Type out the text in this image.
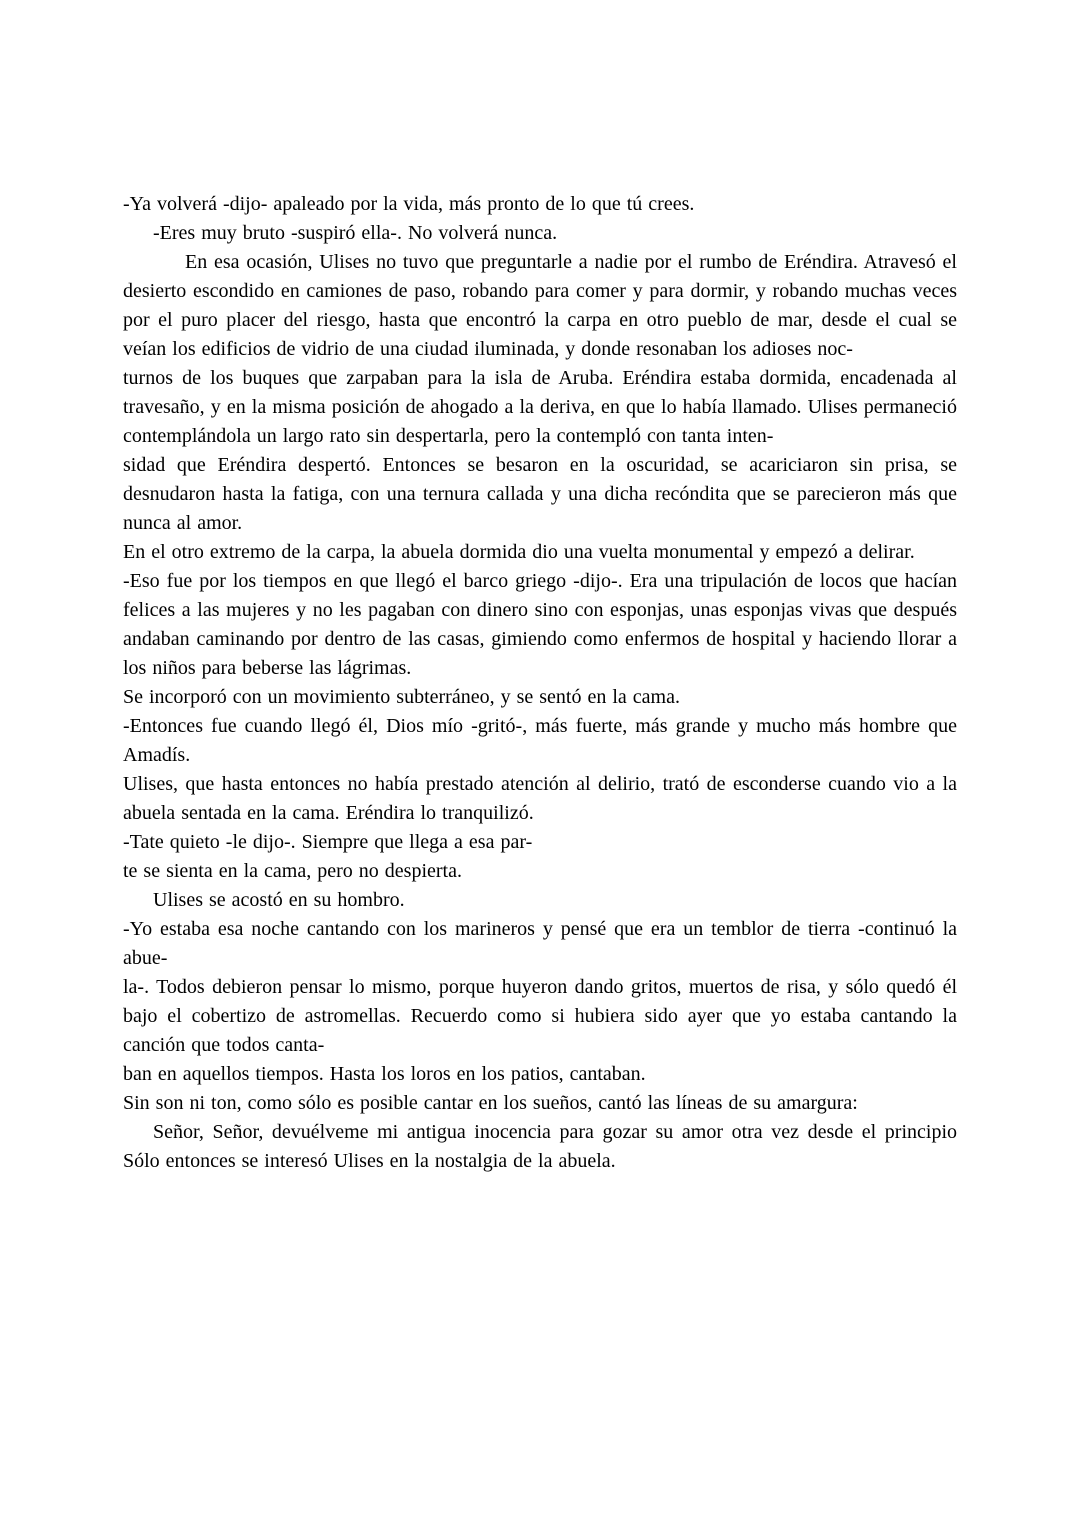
-Ya volverá -dijo- apaleado por la vida, más pronto de lo que tú crees.

-Eres muy bruto -suspiró ella-. No volverá nunca.

En esa ocasión, Ulises no tuvo que preguntarle a nadie por el rumbo de Eréndira. Atravesó el desierto escondido en camiones de paso, robando para comer y para dormir, y robando muchas veces por el puro placer del riesgo, hasta que encontró la carpa en otro pueblo de mar, desde el cual se veían los edificios de vidrio de una ciudad iluminada, y donde resonaban los adioses noc-

turnos de los buques que zarpaban para la isla de Aruba. Eréndira estaba dormida, encadenada al travesaño, y en la misma posición de ahogado a la deriva, en que lo había llamado. Ulises permaneció contemplándola un largo rato sin despertarla, pero la contempló con tanta inten-

sidad que Eréndira despertó. Entonces se besaron en la oscuridad, se acariciaron sin prisa, se desnudaron hasta la fatiga, con una ternura callada y una dicha recóndita que se parecieron más que nunca al amor.

En el otro extremo de la carpa, la abuela dormida dio una vuelta monumental y empezó a delirar.

-Eso fue por los tiempos en que llegó el barco griego -dijo-. Era una tripulación de locos que hacían felices a las mujeres y no les pagaban con dinero sino con esponjas, unas esponjas vivas que después andaban caminando por dentro de las casas, gimiendo como enfermos de hospital y haciendo llorar a los niños para beberse las lágrimas.

Se incorporó con un movimiento subterráneo, y se sentó en la cama.

-Entonces fue cuando llegó él, Dios mío -gritó-, más fuerte, más grande y mucho más hombre que Amadís.

Ulises, que hasta entonces no había prestado atención al delirio, trató de esconderse cuando vio a la abuela sentada en la cama. Eréndira lo tranquilizó.

-Tate quieto -le dijo-. Siempre que llega a esa par-

te se sienta en la cama, pero no despierta.

Ulises se acostó en su hombro.

-Yo estaba esa noche cantando con los marineros y pensé que era un temblor de tierra -continuó la abue-

la-. Todos debieron pensar lo mismo, porque huyeron dando gritos, muertos de risa, y sólo quedó él bajo el cobertizo de astromellas. Recuerdo como si hubiera sido ayer que yo estaba cantando la canción que todos canta-

ban en aquellos tiempos. Hasta los loros en los patios, cantaban.

Sin son ni ton, como sólo es posible cantar en los sueños, cantó las líneas de su amargura:

Señor, Señor, devuélveme mi antigua inocencia para gozar su amor otra vez desde el principio Sólo entonces se interesó Ulises en la nostalgia de la abuela.
